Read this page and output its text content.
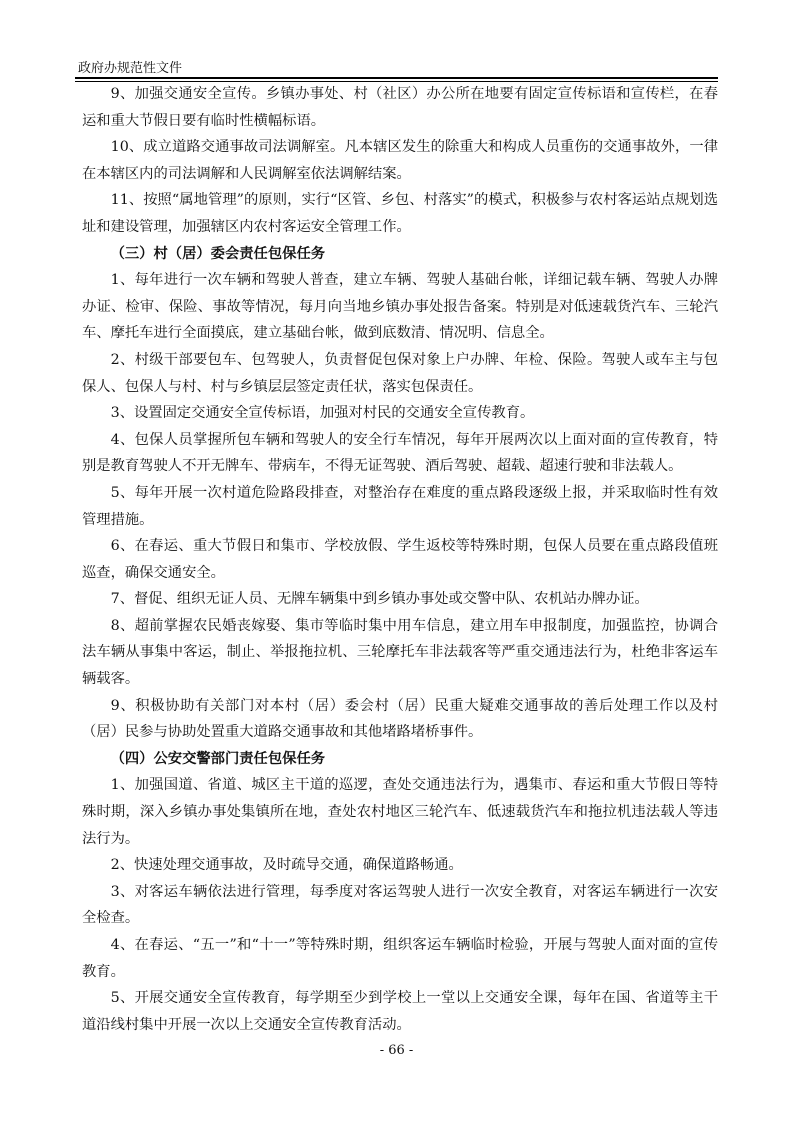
政府办规范性文件

9、加强交通安全宣传。乡镇办事处、村（社区）办公所在地要有固定宣传标语和宣传栏，在春运和重大节假日要有临时性横幅标语。

10、成立道路交通事故司法调解室。凡本辖区发生的除重大和构成人员重伤的交通事故外，一律在本辖区内的司法调解和人民调解室依法调解结案。

11、按照“属地管理”的原则，实行“区管、乡包、村落实”的模式，积极参与农村客运站点规划选址和建设管理，加强辖区内农村客运安全管理工作。

（三）村（居）委会责任包保任务

1、每年进行一次车辆和驾驶人普查，建立车辆、驾驶人基础台帐，详细记载车辆、驾驶人办牌办证、检审、保险、事故等情况，每月向当地乡镇办事处报告备案。特别是对低速载货汽车、三轮汽车、摩托车进行全面摸底，建立基础台帐，做到底数清、情况明、信息全。

2、村级干部要包车、包驾驶人，负责督促包保对象上户办牌、年检、保险。驾驶人或车主与包保人、包保人与村、村与乡镇层层签定责任状，落实包保责任。

3、设置固定交通安全宣传标语，加强对村民的交通安全宣传教育。

4、包保人员掌握所包车辆和驾驶人的安全行车情况，每年开展两次以上面对面的宣传教育，特别是教育驾驶人不开无牌车、带病车，不得无证驾驶、酒后驾驶、超载、超速行驶和非法载人。

5、每年开展一次村道危险路段排查，对整治存在难度的重点路段逐级上报，并采取临时性有效管理措施。

6、在春运、重大节假日和集市、学校放假、学生返校等特殊时期，包保人员要在重点路段值班巡查，确保交通安全。

7、督促、组织无证人员、无牌车辆集中到乡镇办事处或交警中队、农机站办牌办证。

8、超前掌握农民婚丧嫁娶、集市等临时集中用车信息，建立用车申报制度，加强监控，协调合法车辆从事集中客运，制止、举报拖拉机、三轮摩托车非法载客等严重交通违法行为，杜绝非客运车辆载客。

9、积极协助有关部门对本村（居）委会村（居）民重大疑难交通事故的善后处理工作以及村（居）民参与协助处置重大道路交通事故和其他堵路堵桥事件。

（四）公安交警部门责任包保任务

1、加强国道、省道、城区主干道的巡逻，查处交通违法行为，遇集市、春运和重大节假日等特殊时期，深入乡镇办事处集镇所在地，查处农村地区三轮汽车、低速载货汽车和拖拉机违法载人等违法行为。

2、快速处理交通事故，及时疏导交通，确保道路畅通。

3、对客运车辆依法进行管理，每季度对客运驾驶人进行一次安全教育，对客运车辆进行一次安全检查。

4、在春运、“五一”和“十一”等特殊时期，组织客运车辆临时检验，开展与驾驶人面对面的宣传教育。

5、开展交通安全宣传教育，每学期至少到学校上一堂以上交通安全课，每年在国、省道等主干道沿线村集中开展一次以上交通安全宣传教育活动。

- 66 -
